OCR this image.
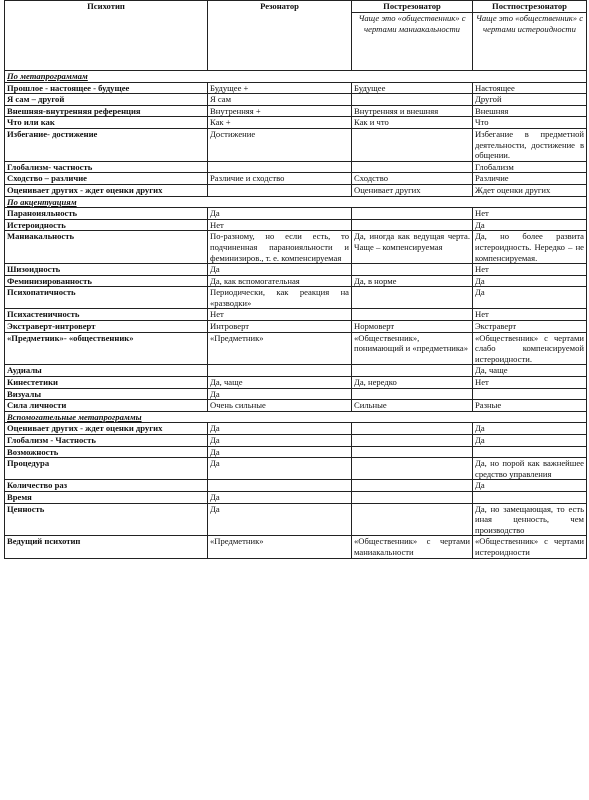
Психотип	Резонатор	Пострезонатор	Постпострезонатор
		Чаще это «общественник» с чертами маниакальности	Чаще это «общественник» с чертами истероидности
По метапрограммам			
Прошлое - настоящее - будущее	Будущее +	Будущее	Настоящее
Я сам – другой	Я сам		Другой
Внешняя-внутренняя референция	Внутренняя +	Внутренняя и внешняя	Внешняя
Что или как	Как +	Как и что	Что
Избегание- достижение	Достижение		Избегание в предметной деятельности, достижение в общении.
Глобализм- частность			Глобализм
Сходство – различие	Различие и сходство	Сходство	Различие
Оценивает других - ждет оценки других		Оценивает других	Ждет оценки других
По акцентуациям			
Параноияльность	Да		Нет
Истероидность	Нет		Да
Маниакальность	По-разному, но если есть, то подчиненная параноияльности и феминизиров., т. е. компенсируемая	Да, иногда как ведущая черта. Чаще – компенсируемая	Да, но более развита истероидность. Нередко – не компенсируемая.
Шизоидность	Да		Нет
Феминизированность	Да, как вспомогательная	Да, в норме	Да
Психопатичность	Периодически, как реакция на «разводки»		Да
Психастеничность	Нет		Нет
Экстраверт-интроверт	Интроверт	Нормоверт	Экстраверт
«Предметник»- «общественник»	«Предметник»	«Общественник», понимающий и «предметника»	«Общественник» с чертами слабо компенсируемой истероидности.
Аудиалы			Да, чаще
Кинестетики	Да, чаще	Да, нередко	Нет
Визуалы	Да		
Сила личности	Очень сильные	Сильные	Разные
Вспомогательные метапрограммы			
Оценивает других - ждет оценки других	Да		Да
Глобализм - Частность	Да		Да
Возможность	Да		
Процедура	Да		Да, но порой как важнейшее средство управления
Количество раз			Да
Время	Да		
Ценность	Да		Да, но замещающая, то есть иная ценность, чем производство
Ведущий психотип	«Предметник»	«Общественник» с чертами маниакальности	«Общественник» с чертами истероидности
